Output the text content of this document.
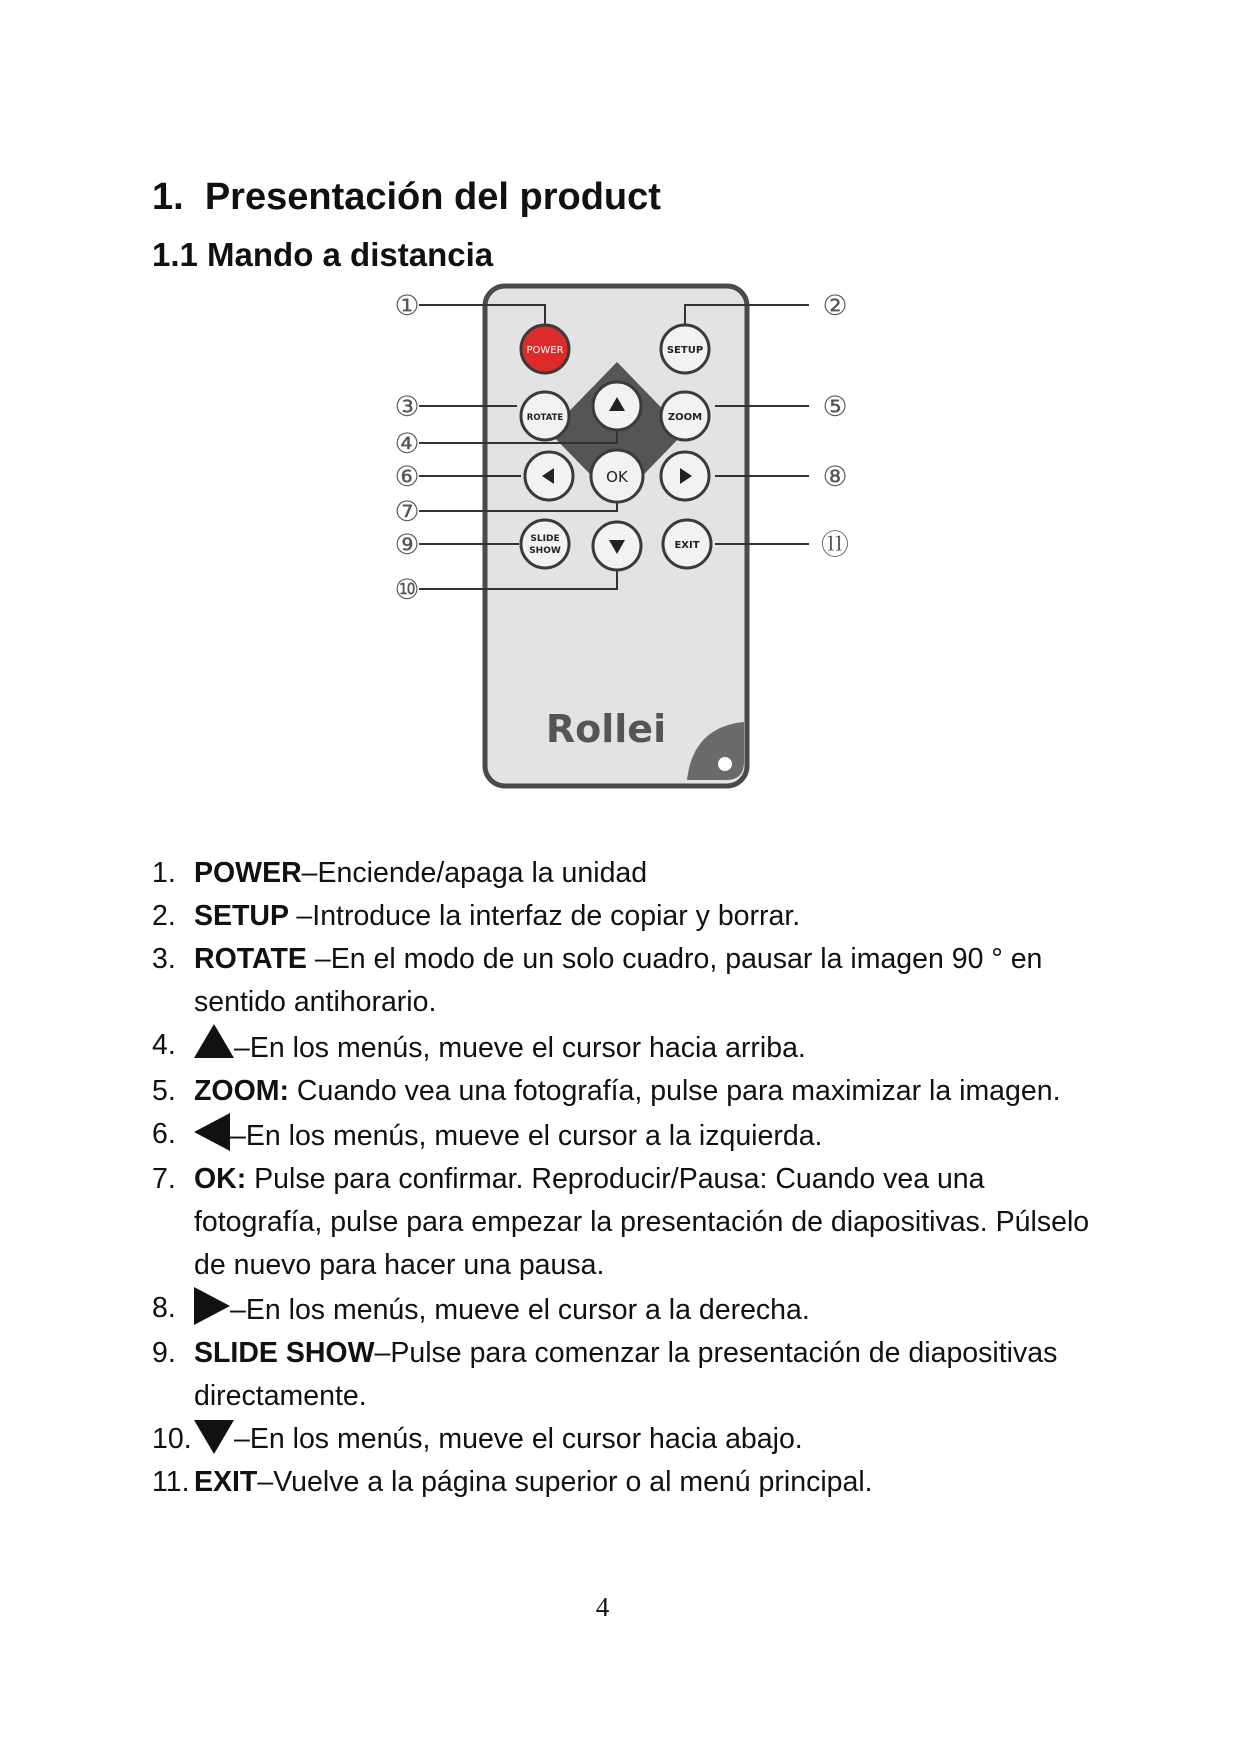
1. Presentación del product
1.1 Mando a distancia
①	②
③
④
⑥
⑦
⑨
⑩
⑤
⑧
⑪
POWER	SETUP
ROTATE	ZOOM
OK
SLIDE
SHOW	EXIT
Rollei
1. POWER–Enciende/apaga la unidad
2. SETUP –Introduce la interfaz de copiar y borrar.
3. ROTATE –En el modo de un solo cuadro, pausar la imagen 90 ° en sentido antihorario.
4. –En los menús, mueve el cursor hacia arriba.
5. ZOOM: Cuando vea una fotografía, pulse para maximizar la imagen.
6. –En los menús, mueve el cursor a la izquierda.
7. OK: Pulse para confirmar. Reproducir/Pausa: Cuando vea una fotografía, pulse para empezar la presentación de diapositivas. Púlselo de nuevo para hacer una pausa.
8. –En los menús, mueve el cursor a la derecha.
9. SLIDE SHOW–Pulse para comenzar la presentación de diapositivas directamente.
10. –En los menús, mueve el cursor hacia abajo.
11. EXIT–Vuelve a la página superior o al menú principal.
4
